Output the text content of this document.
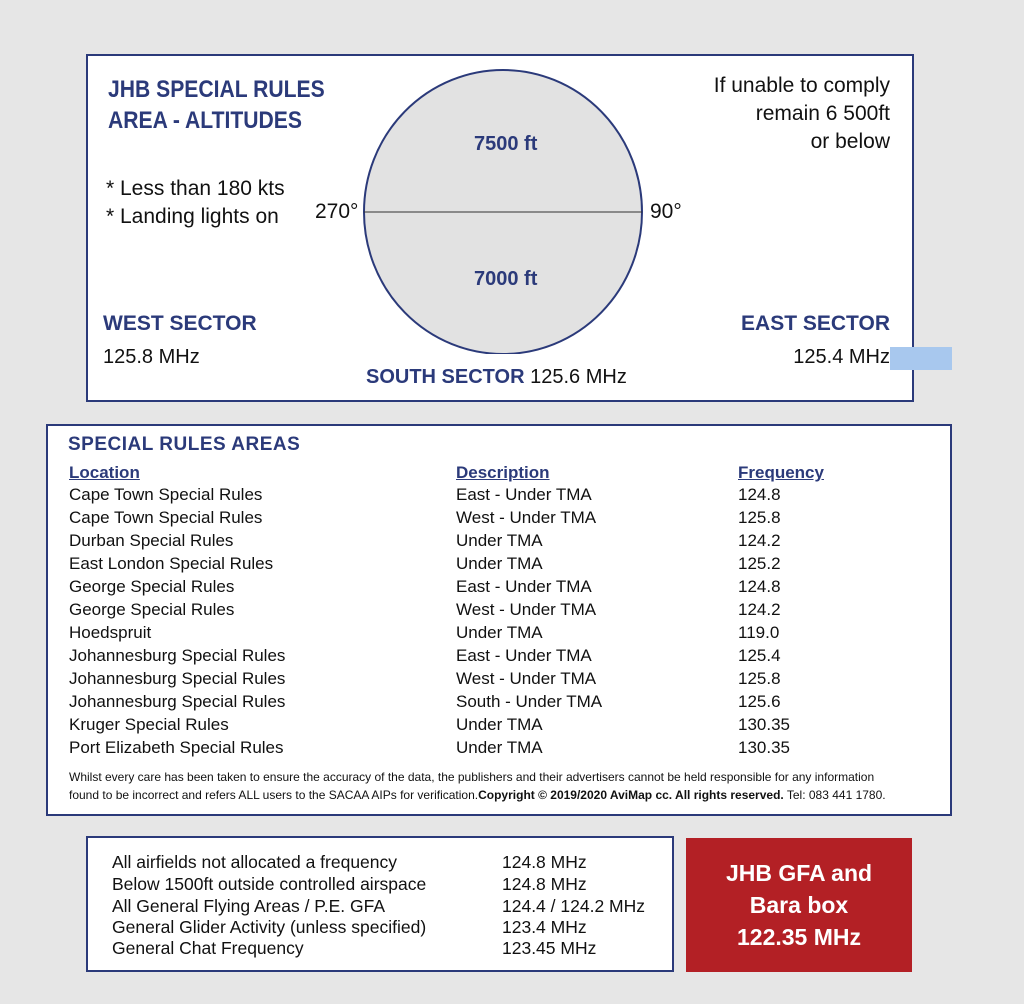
JHB SPECIAL RULES
AREA - ALTITUDES
* Less than 180 kts
* Landing lights on
If unable to comply
remain 6 500ft
or below
7500 ft
7000 ft
270°	90°
WEST SECTOR
125.8 MHz
EAST SECTOR
125.4 MHz
SOUTH SECTOR 125.6 MHz
SPECIAL RULES AREAS
Location	Description	Frequency
Cape Town Special Rules	East - Under TMA	124.8
Cape Town Special Rules	West - Under TMA	125.8
Durban Special Rules	Under TMA	124.2
East London Special Rules	Under TMA	125.2
George Special Rules	East - Under TMA	124.8
George Special Rules	West - Under TMA	124.2
Hoedspruit	Under TMA	119.0
Johannesburg Special Rules	East - Under TMA	125.4
Johannesburg Special Rules	West - Under TMA	125.8
Johannesburg Special Rules	South - Under TMA	125.6
Kruger Special Rules	Under TMA	130.35
Port Elizabeth Special Rules	Under TMA	130.35
Whilst every care has been taken to ensure the accuracy of the data, the publishers and their advertisers cannot be held responsible for any information
found to be incorrect and refers ALL users to the SACAA AIPs for verification.Copyright © 2019/2020 AviMap cc. All rights reserved. Tel: 083 441 1780.
All airfields not allocated a frequency	124.8 MHz
Below 1500ft outside controlled airspace	124.8 MHz
All General Flying Areas / P.E. GFA	124.4 / 124.2 MHz
General Glider Activity (unless specified)	123.4 MHz
General Chat Frequency	123.45 MHz
JHB GFA and
Bara box
122.35 MHz
